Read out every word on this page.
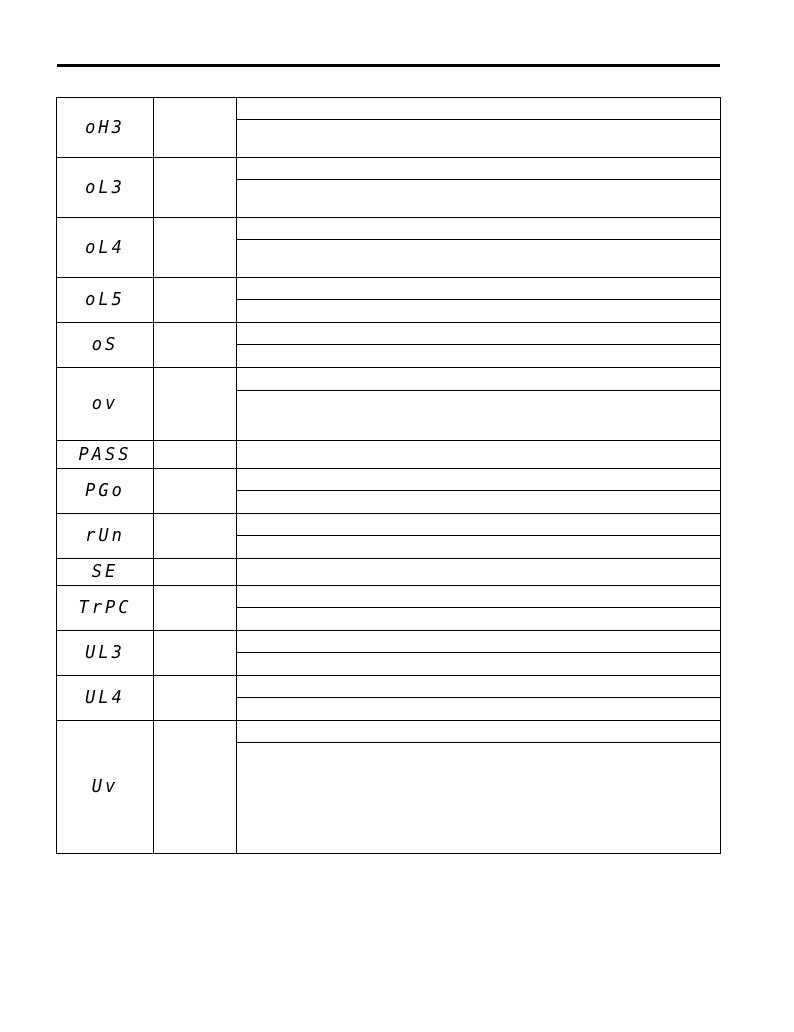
oH3		

oL3		

oL4		

oL5		

oS		

ov		

PASS		
PGo		

rUn		

SE		
TrPC		

UL3		

UL4		

Uv		
